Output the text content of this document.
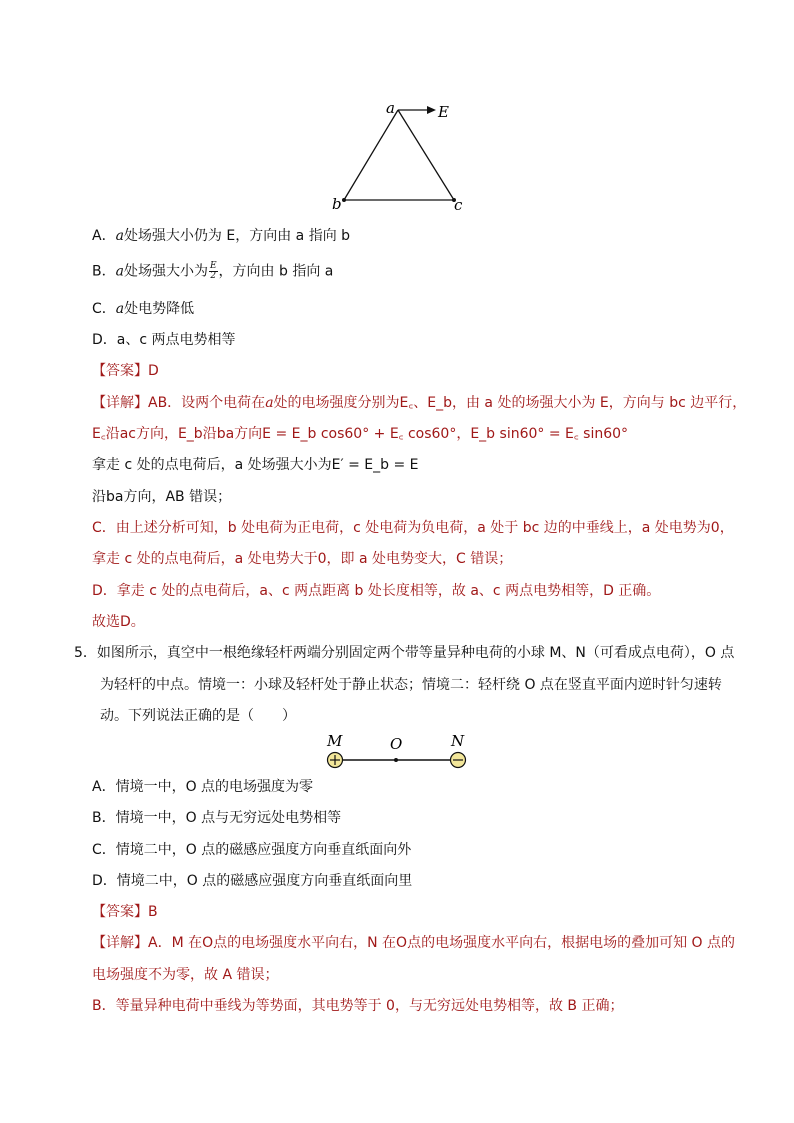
a	E
b	c
A．a处场强大小仍为 E，方向由 a 指向 b
B．a处场强大小为 $\frac{E}{2}$ ，方向由 b 指向 a
C．a处电势降低
D．a、c 两点电势相等
【答案】D
【详解】AB．设两个电荷在a处的电场强度分别为E꜀、E_b，由 a 处的场强大小为 E，方向与 bc 边平行，
E꜀沿ac方向，E_b沿ba方向E = E_b cos60° + E꜀ cos60°，E_b sin60° = E꜀ sin60°
拿走 c 处的点电荷后，a 处场强大小为E′ = E_b = E
沿ba方向，AB 错误；
C．由上述分析可知，b 处电荷为正电荷，c 处电荷为负电荷，a 处于 bc 边的中垂线上，a 处电势为0，
拿走 c 处的点电荷后，a 处电势大于0，即 a 处电势变大，C 错误；
D．拿走 c 处的点电荷后，a、c 两点距离 b 处长度相等，故 a、c 两点电势相等，D 正确。
故选D。
5．如图所示，真空中一根绝缘轻杆两端分别固定两个带等量异种电荷的小球 M、N（可看成点电荷），O 点
为轻杆的中点。情境一：小球及轻杆处于静止状态；情境二：轻杆绕 O 点在竖直平面内逆时针匀速转
动。下列说法正确的是（　　）
M	O	N
A．情境一中，O 点的电场强度为零
B．情境一中，O 点与无穷远处电势相等
C．情境二中，O 点的磁感应强度方向垂直纸面向外
D．情境二中，O 点的磁感应强度方向垂直纸面向里
【答案】B
【详解】A．M 在O点的电场强度水平向右，N 在O点的电场强度水平向右，根据电场的叠加可知 O 点的
电场强度不为零，故 A 错误；
B．等量异种电荷中垂线为等势面，其电势等于 0，与无穷远处电势相等，故 B 正确；
